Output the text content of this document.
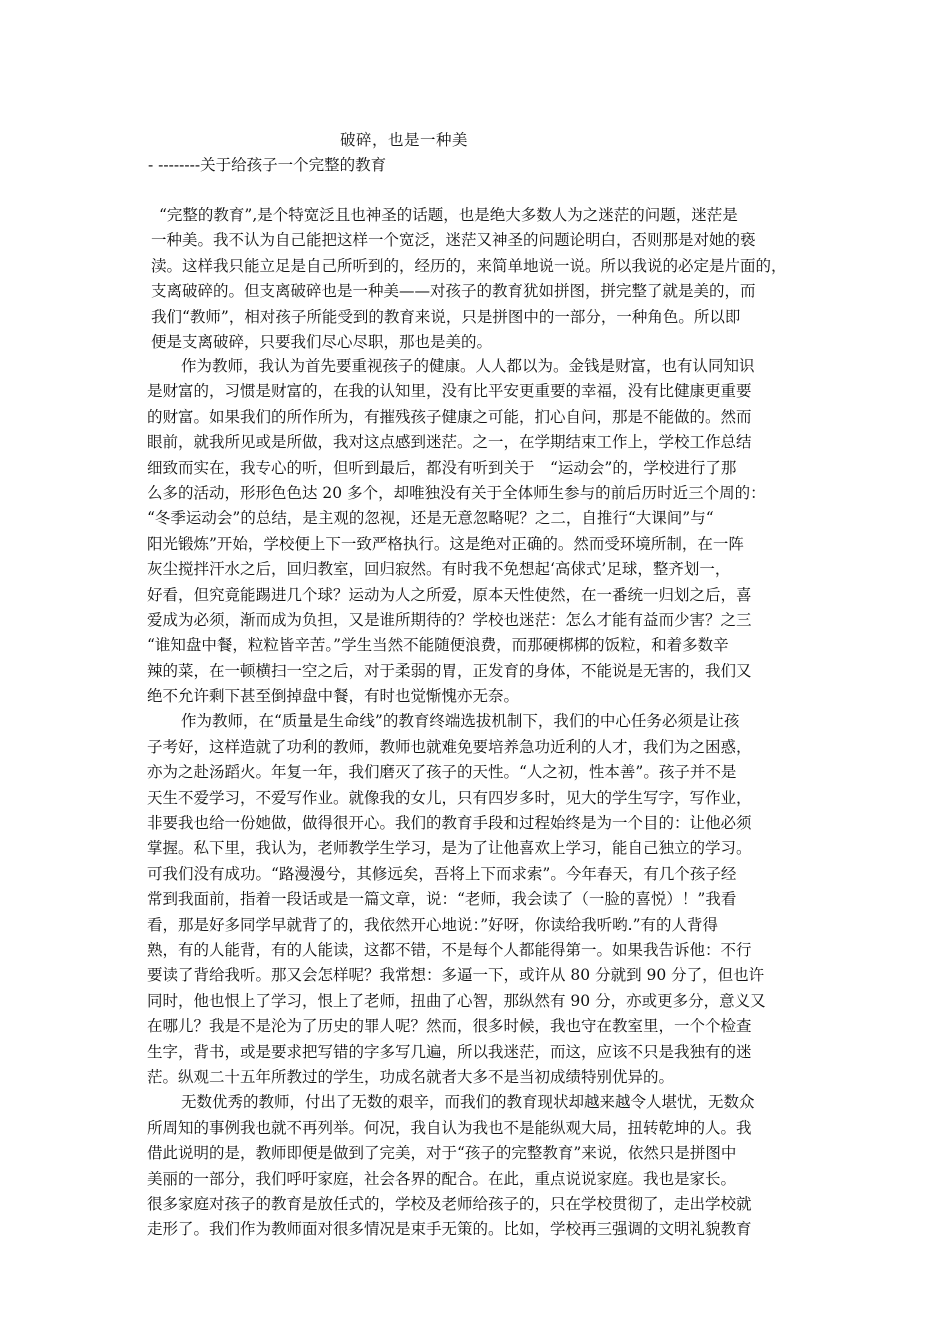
破碎，也是一种美
- --------关于给孩子一个完整的教育
“完整的教育”,是个特宽泛且也神圣的话题，也是绝大多数人为之迷茫的问题，迷茫是
一种美。我不认为自己能把这样一个宽泛，迷茫又神圣的问题论明白，否则那是对她的亵
渎。这样我只能立足是自己所听到的，经历的，来简单地说一说。所以我说的必定是片面的，
支离破碎的。但支离破碎也是一种美——对孩子的教育犹如拼图，拼完整了就是美的，而
我们“教师”，相对孩子所能受到的教育来说，只是拼图中的一部分，一种角色。所以即
便是支离破碎，只要我们尽心尽职，那也是美的。
作为教师，我认为首先要重视孩子的健康。人人都以为。金钱是财富，也有认同知识
是财富的，习惯是财富的，在我的认知里，没有比平安更重要的幸福，没有比健康更重要
的财富。如果我们的所作所为，有摧残孩子健康之可能，扪心自问，那是不能做的。然而
眼前，就我所见或是所做，我对这点感到迷茫。之一，在学期结束工作上，学校工作总结
细致而实在，我专心的听，但听到最后，都没有听到关于　“运动会”的，学校进行了那
么多的活动，形形色色达 20 多个，却唯独没有关于全体师生参与的前后历时近三个周的：
“冬季运动会”的总结，是主观的忽视，还是无意忽略呢？之二，自推行“大课间”与“
阳光锻炼”开始，学校便上下一致严格执行。这是绝对正确的。然而受环境所制，在一阵
灰尘搅拌汗水之后，回归教室，回归寂然。有时我不免想起‘高俅式’足球，整齐划一，
好看，但究竟能踢进几个球？运动为人之所爱，原本天性使然，在一番统一归划之后，喜
爱成为必须，渐而成为负担，又是谁所期待的？学校也迷茫：怎么才能有益而少害？之三
“谁知盘中餐，粒粒皆辛苦。”学生当然不能随便浪费，而那硬梆梆的饭粒，和着多数辛
辣的菜，在一顿横扫一空之后，对于柔弱的胃，正发育的身体，不能说是无害的，我们又
绝不允许剩下甚至倒掉盘中餐，有时也觉惭愧亦无奈。
作为教师，在“质量是生命线”的教育终端选拔机制下，我们的中心任务必须是让孩
子考好，这样造就了功利的教师，教师也就难免要培养急功近利的人才，我们为之困惑，
亦为之赴汤蹈火。年复一年，我们磨灭了孩子的天性。“人之初，性本善”。孩子并不是
天生不爱学习，不爱写作业。就像我的女儿，只有四岁多时，见大的学生写字，写作业，
非要我也给一份她做，做得很开心。我们的教育手段和过程始终是为一个目的：让他必须
掌握。私下里，我认为，老师教学生学习，是为了让他喜欢上学习，能自己独立的学习。
可我们没有成功。“路漫漫兮，其修远矣，吾将上下而求索”。今年春天，有几个孩子经
常到我面前，指着一段话或是一篇文章，说：“老师，我会读了（一脸的喜悦）！”我看
看，那是好多同学早就背了的，我依然开心地说：”好呀，你读给我听哟.”有的人背得
熟，有的人能背，有的人能读，这都不错，不是每个人都能得第一。如果我告诉他：不行
要读了背给我听。那又会怎样呢？我常想：多逼一下，或许从 80 分就到 90 分了，但也许
同时，他也恨上了学习，恨上了老师，扭曲了心智，那纵然有 90 分，亦或更多分，意义又
在哪儿？我是不是沦为了历史的罪人呢？然而，很多时候，我也守在教室里，一个个检查
生字，背书，或是要求把写错的字多写几遍，所以我迷茫，而这，应该不只是我独有的迷
茫。纵观二十五年所教过的学生，功成名就者大多不是当初成绩特别优异的。
无数优秀的教师，付出了无数的艰辛，而我们的教育现状却越来越令人堪忧，无数众
所周知的事例我也就不再列举。何况，我自认为我也不是能纵观大局，扭转乾坤的人。我
借此说明的是，教师即便是做到了完美，对于“孩子的完整教育”来说，依然只是拼图中
美丽的一部分，我们呼吁家庭，社会各界的配合。在此，重点说说家庭。我也是家长。
很多家庭对孩子的教育是放任式的，学校及老师给孩子的，只在学校贯彻了，走出学校就
走形了。我们作为教师面对很多情况是束手无策的。比如，学校再三强调的文明礼貌教育
